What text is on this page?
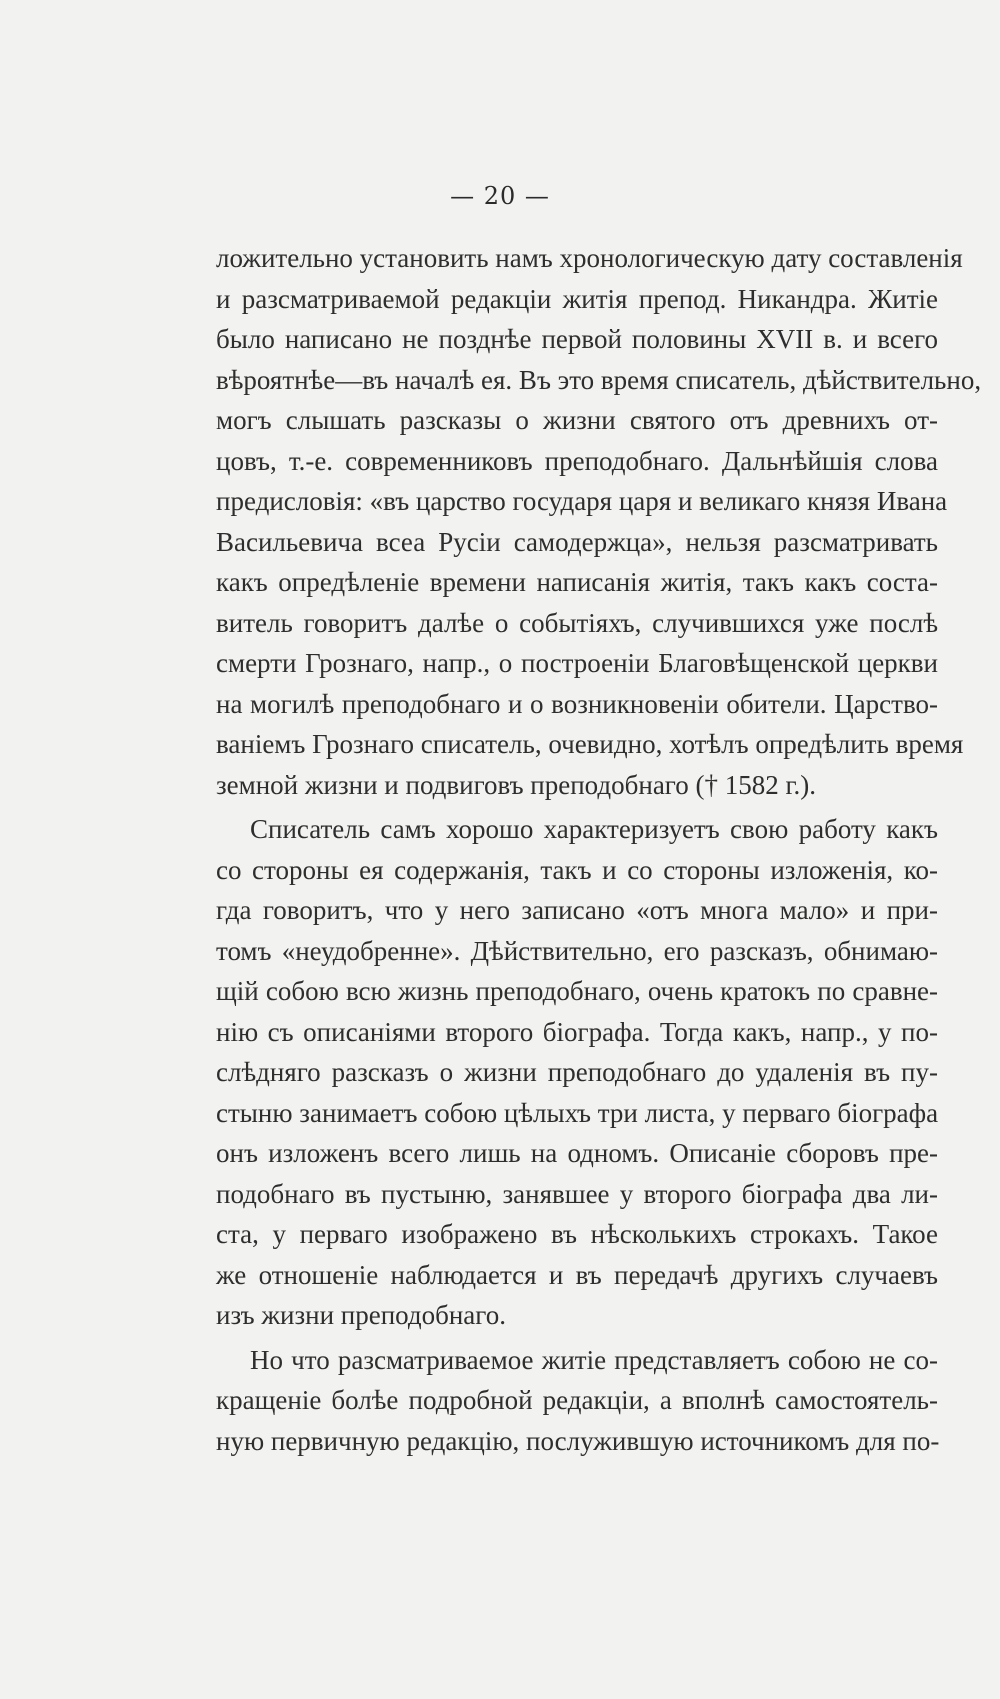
— 20 —
ложительно установить намъ хронологическую дату составленія
и разсматриваемой редакціи житія препод. Никандра. Житіе
было написано не позднѣе первой половины XVII в. и всего
вѣроятнѣе—въ началѣ ея. Въ это время списатель, дѣйствительно,
могъ слышать разсказы о жизни святого отъ древнихъ от-
цовъ, т.-е. современниковъ преподобнаго. Дальнѣйшія слова
предисловія: «въ царство государя царя и великаго князя Ивана
Васильевича всеа Русіи самодержца», нельзя разсматривать
какъ опредѣленіе времени написанія житія, такъ какъ соста-
витель говоритъ далѣе о событіяхъ, случившихся уже послѣ
смерти Грознаго, напр., о построеніи Благовѣщенской церкви
на могилѣ преподобнаго и о возникновеніи обители. Царство-
ваніемъ Грознаго списатель, очевидно, хотѣлъ опредѣлить время
земной жизни и подвиговъ преподобнаго († 1582 г.).
Списатель самъ хорошо характеризуетъ свою работу какъ
со стороны ея содержанія, такъ и со стороны изложенія, ко-
гда говоритъ, что у него записано «отъ многа мало» и при-
томъ «неудобренне». Дѣйствительно, его разсказъ, обнимаю-
щій собою всю жизнь преподобнаго, очень кратокъ по сравне-
нію съ описаніями второго біографа. Тогда какъ, напр., у по-
слѣдняго разсказъ о жизни преподобнаго до удаленія въ пу-
стыню занимаетъ собою цѣлыхъ три листа, у перваго біографа
онъ изложенъ всего лишь на одномъ. Описаніе сборовъ пре-
подобнаго въ пустыню, занявшее у второго біографа два ли-
ста, у перваго изображено въ нѣсколькихъ строкахъ. Такое
же отношеніе наблюдается и въ передачѣ другихъ случаевъ
изъ жизни преподобнаго.
Но что разсматриваемое житіе представляетъ собою не со-
кращеніе болѣе подробной редакціи, а вполнѣ самостоятель-
ную первичную редакцію, послужившую источникомъ для по-
